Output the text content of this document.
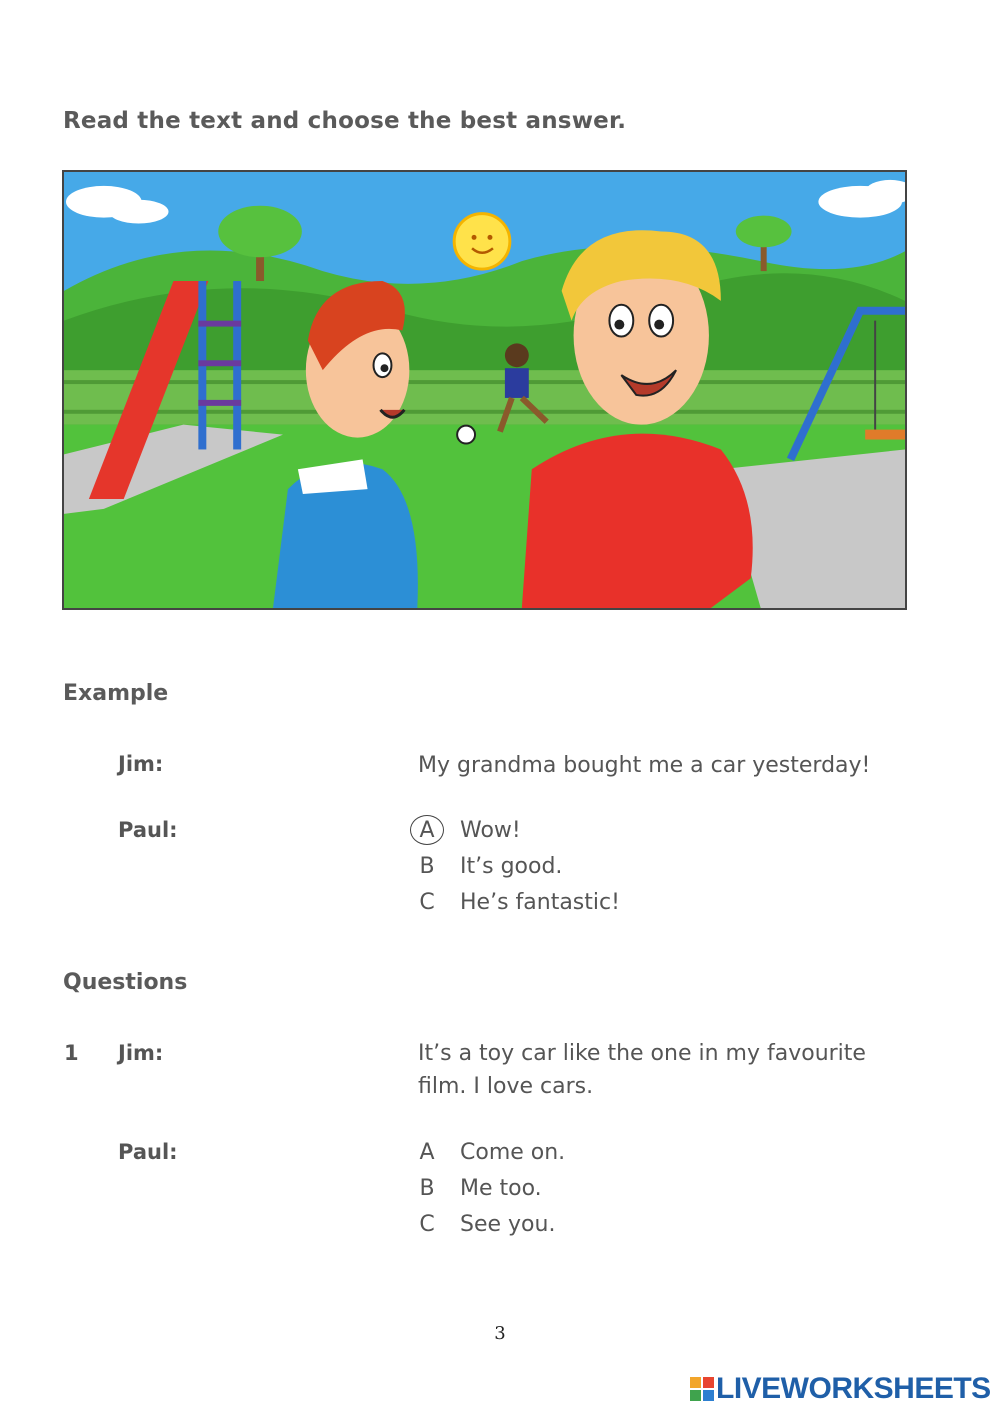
Read the text and choose the best answer.
Example
Jim:	My grandma bought me a car yesterday!
Paul:	A	Wow!
B	It’s good.
C	He’s fantastic!
Questions
1 Jim:	It’s a toy car like the one in my favourite
film. I love cars.
Paul:	A	Come on.
B	Me too.
C	See you.
3
LIVEWORKSHEETS
